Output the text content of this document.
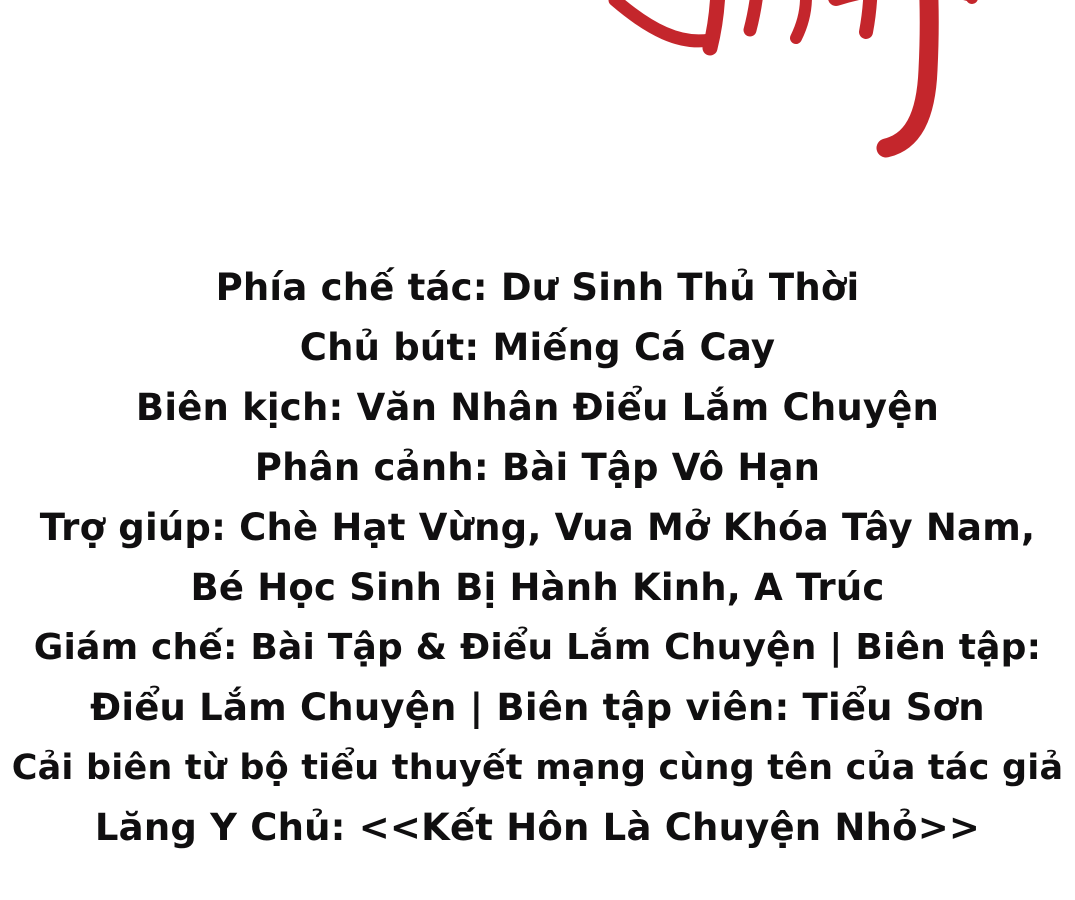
Phía chế tác: Dư Sinh Thủ Thời
Chủ bút: Miếng Cá Cay
Biên kịch: Văn Nhân Điểu Lắm Chuyện
Phân cảnh: Bài Tập Vô Hạn
Trợ giúp: Chè Hạt Vừng, Vua Mở Khóa Tây Nam,
Bé Học Sinh Bị Hành Kinh, A Trúc
Giám chế: Bài Tập & Điểu Lắm Chuyện | Biên tập:
Điểu Lắm Chuyện | Biên tập viên: Tiểu Sơn
Cải biên từ bộ tiểu thuyết mạng cùng tên của tác giả
Lăng Y Chủ: <<Kết Hôn Là Chuyện Nhỏ>>
